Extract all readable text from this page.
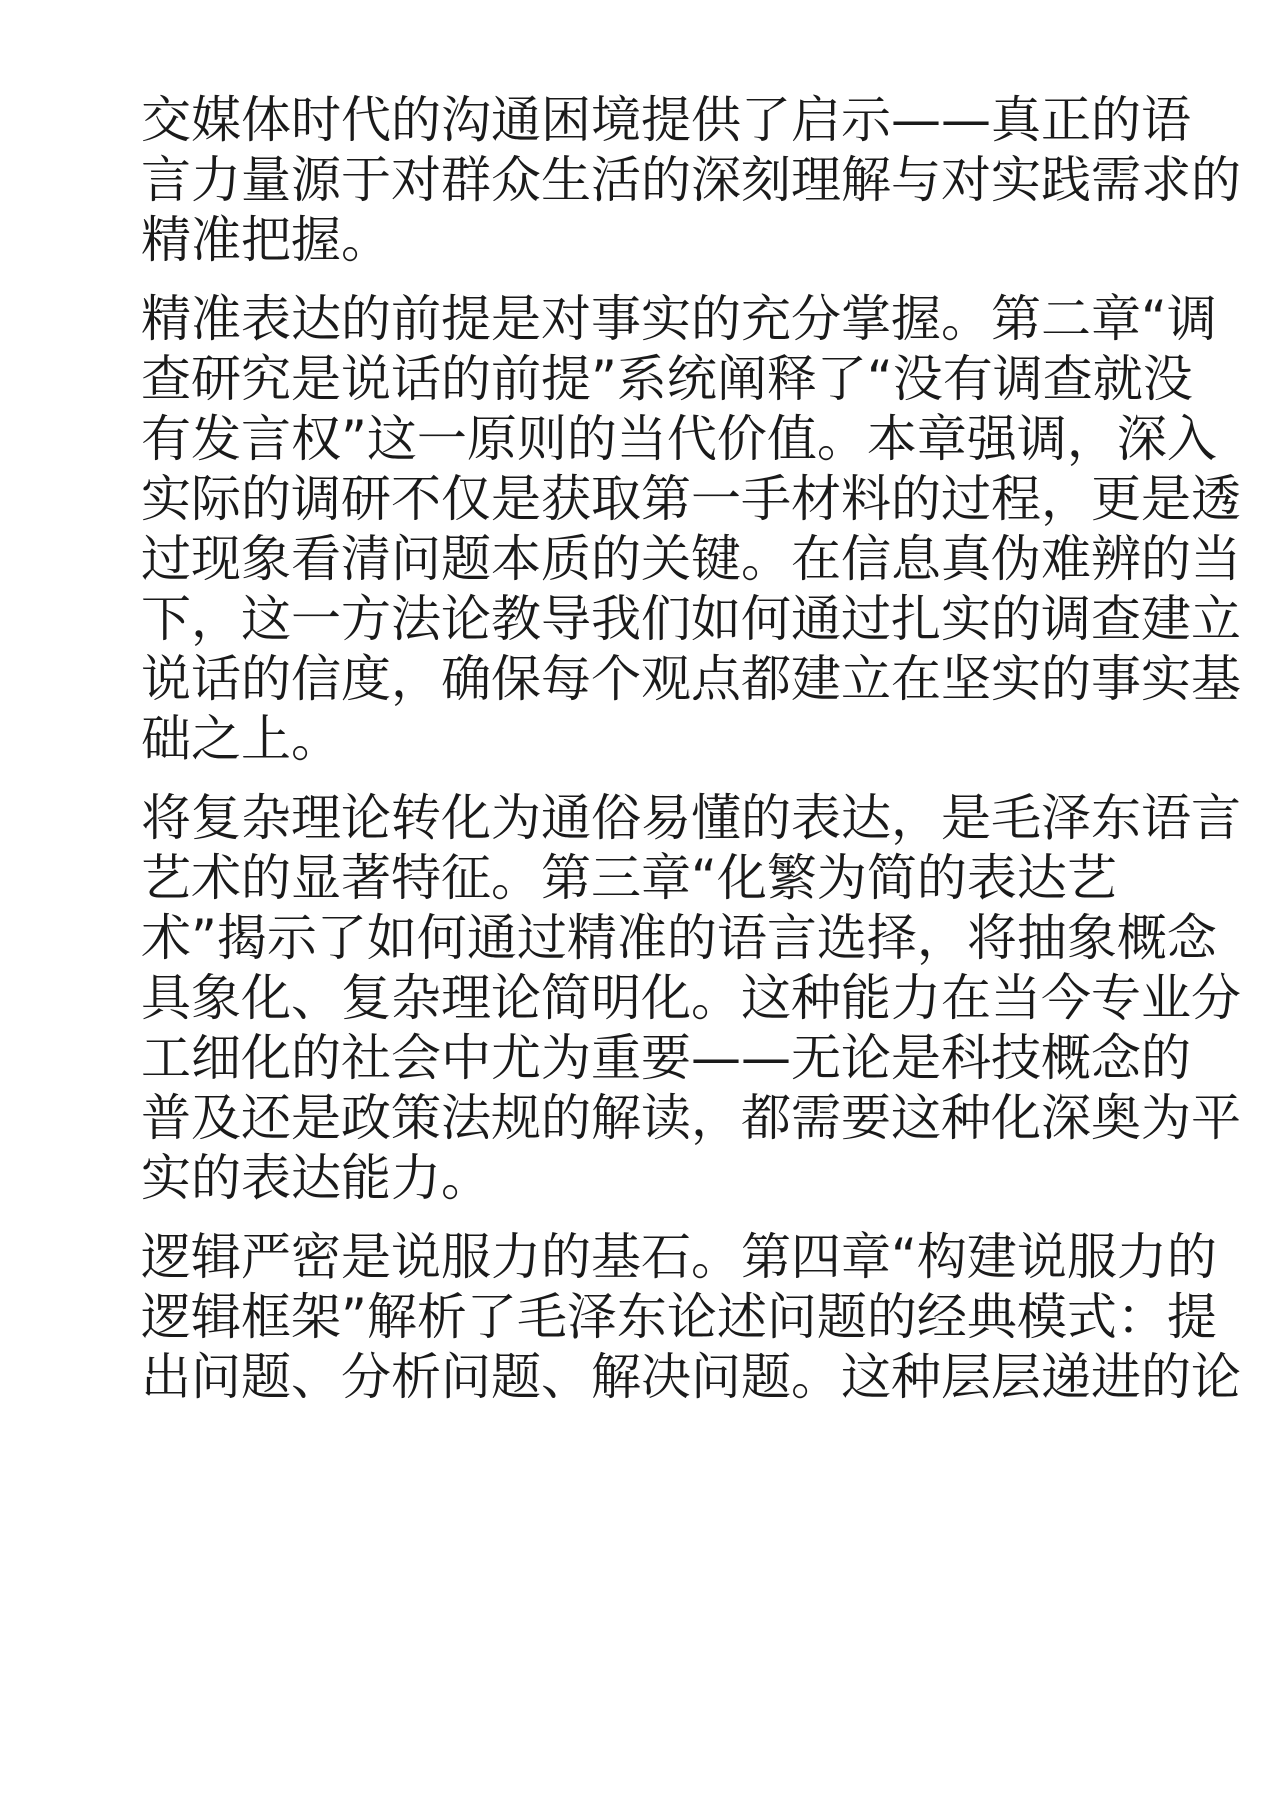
交媒体时代的沟通困境提供了启示——真正的语
言力量源于对群众生活的深刻理解与对实践需求的
精准把握。

精准表达的前提是对事实的充分掌握。第二章“调
查研究是说话的前提”系统阐释了“没有调查就没
有发言权”这一原则的当代价值。本章强调，深入
实际的调研不仅是获取第一手材料的过程，更是透
过现象看清问题本质的关键。在信息真伪难辨的当
下，这一方法论教导我们如何通过扎实的调查建立
说话的信度，确保每个观点都建立在坚实的事实基
础之上。

将复杂理论转化为通俗易懂的表达，是毛泽东语言
艺术的显著特征。第三章“化繁为简的表达艺
术”揭示了如何通过精准的语言选择，将抽象概念
具象化、复杂理论简明化。这种能力在当今专业分
工细化的社会中尤为重要——无论是科技概念的
普及还是政策法规的解读，都需要这种化深奥为平
实的表达能力。

逻辑严密是说服力的基石。第四章“构建说服力的
逻辑框架”解析了毛泽东论述问题的经典模式：提
出问题、分析问题、解决问题。这种层层递进的论
